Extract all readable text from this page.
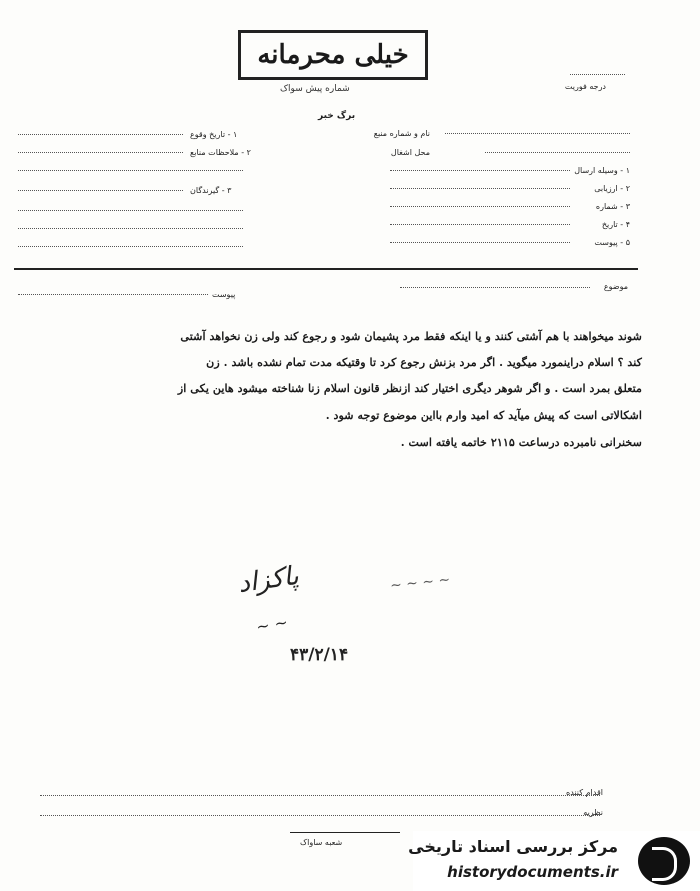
خیلی محرمانه
شماره پیش سواک	درجه فوریت
برگ خبر
نام و شماره منبع
محل اشغال
۱ - وسیله ارسال
۲ - ارزیابی
۳ - شماره
۴ - تاریخ
۵ - پیوست
۱ - تاریخ وقوع
۲ - ملاحظات منابع
۳ - گیرندگان
موضوع
پیوست
شوند میخواهند با هم آشتی کنند و یا اینکه فقط مرد پشیمان شود و رجوع کند ولی زن نخواهد آشتی
کند ؟ اسلام دراینمورد میگوید . اگر مرد بزنش رجوع کرد تا وقتیکه مدت تمام نشده باشد . زن
متعلق بمرد است . و اگر شوهر دیگری اختیار کند ازنظر قانون اسلام زنا شناخته میشود هاین یکی از
اشکالاتی است که پیش میآید که امید وارم بااین موضوع توجه شود .
سخنرانی نامبرده درساعت ۲۱۱۵ خاتمه یافته است .
پاکزاد	~ ~ ~ ~
~ ~
۴۳/۲/۱۴
اقدام کننده
نظریه
شعبه ساواک	مرکز بررسی اسناد تاریخی
historydocuments.ir
